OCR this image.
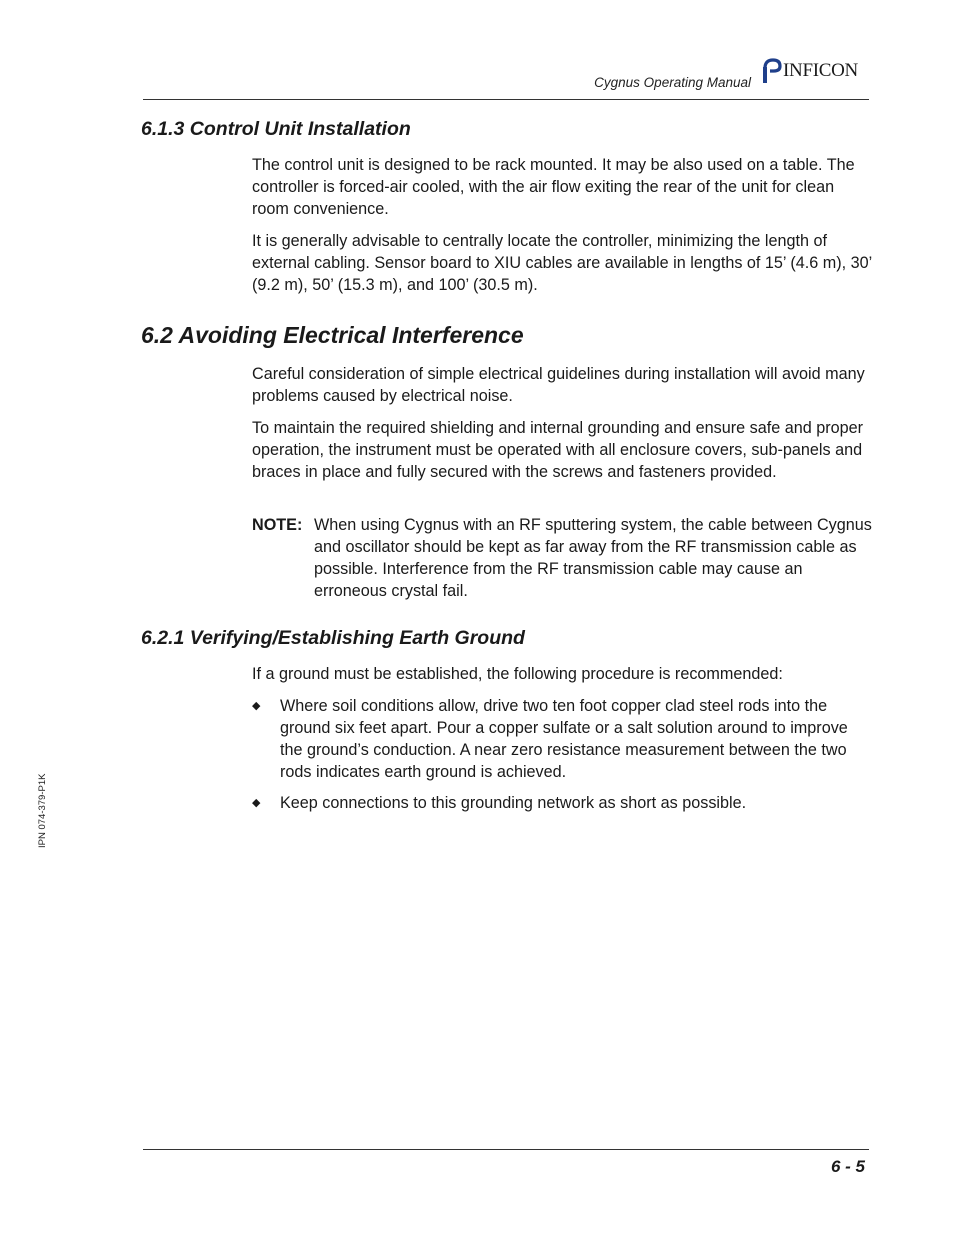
Cygnus Operating Manual
INFICON
6.1.3 Control Unit Installation

The control unit is designed to be rack mounted. It may be also used on a table. The controller is forced-air cooled, with the air flow exiting the rear of the unit for clean room convenience.

It is generally advisable to centrally locate the controller, minimizing the length of external cabling. Sensor board to XIU cables are available in lengths of 15’ (4.6 m), 30’ (9.2 m), 50’ (15.3 m), and 100’ (30.5 m).

6.2 Avoiding Electrical Interference

Careful consideration of simple electrical guidelines during installation will avoid many problems caused by electrical noise.

To maintain the required shielding and internal grounding and ensure safe and proper operation, the instrument must be operated with all enclosure covers, sub-panels and braces in place and fully secured with the screws and fasteners provided.

NOTE: When using Cygnus with an RF sputtering system, the cable between Cygnus and oscillator should be kept as far away from the RF transmission cable as possible. Interference from the RF transmission cable may cause an erroneous crystal fail.
6.2.1 Verifying/Establishing Earth Ground
If a ground must be established, the following procedure is recommended:
◆ Where soil conditions allow, drive two ten foot copper clad steel rods into the ground six feet apart. Pour a copper sulfate or a salt solution around to improve the ground’s conduction. A near zero resistance measurement between the two rods indicates earth ground is achieved.
◆ Keep connections to this grounding network as short as possible.
IPN 074-379-P1K
6 - 5
